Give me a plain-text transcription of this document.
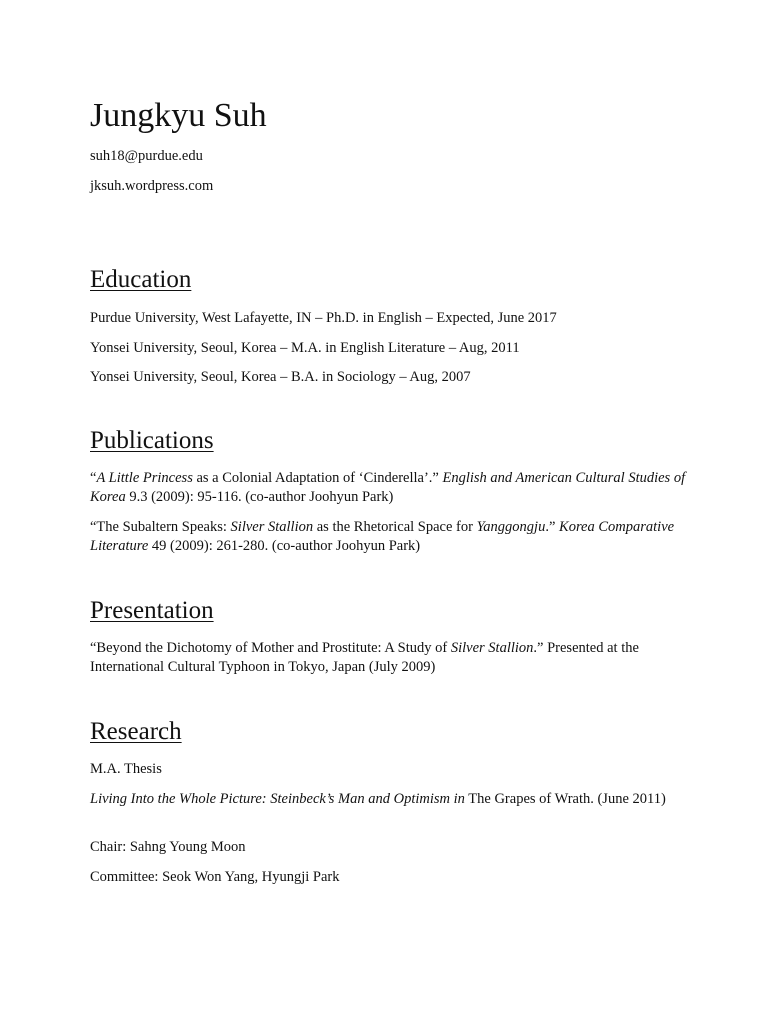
Jungkyu Suh
suh18@purdue.edu
jksuh.wordpress.com
Education
Purdue University, West Lafayette, IN – Ph.D. in English – Expected, June 2017
Yonsei University, Seoul, Korea – M.A. in English Literature – Aug, 2011
Yonsei University, Seoul, Korea – B.A. in Sociology – Aug, 2007
Publications
“A Little Princess as a Colonial Adaptation of ‘Cinderella’.” English and American Cultural Studies of Korea 9.3 (2009): 95-116. (co-author Joohyun Park)
“The Subaltern Speaks: Silver Stallion as the Rhetorical Space for Yanggongju.” Korea Comparative Literature 49 (2009): 261-280. (co-author Joohyun Park)
Presentation
“Beyond the Dichotomy of Mother and Prostitute: A Study of Silver Stallion.” Presented at the International Cultural Typhoon in Tokyo, Japan (July 2009)
Research
M.A. Thesis
Living Into the Whole Picture: Steinbeck’s Man and Optimism in The Grapes of Wrath. (June 2011)
Chair: Sahng Young Moon
Committee: Seok Won Yang, Hyungji Park
